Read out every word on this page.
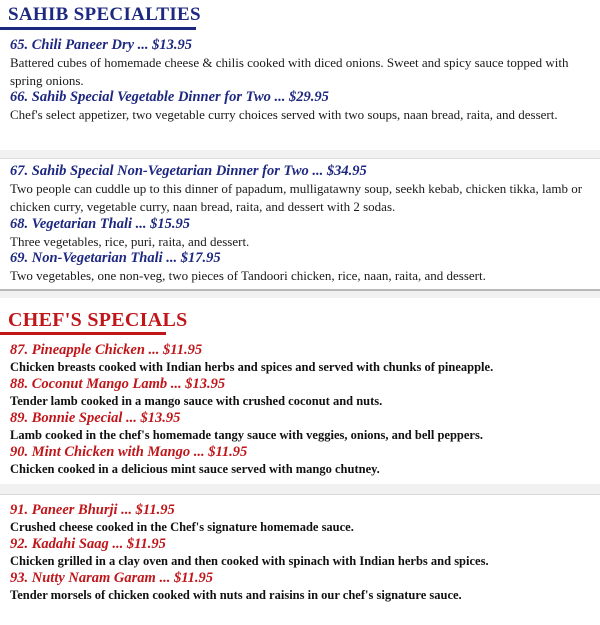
SAHIB SPECIALTIES
65. Chili Paneer Dry ... $13.95
Battered cubes of homemade cheese & chilis cooked with diced onions. Sweet and spicy sauce topped with spring onions.
66. Sahib Special Vegetable Dinner for Two ... $29.95
Chef's select appetizer, two vegetable curry choices served with two soups, naan bread, raita, and dessert.
67. Sahib Special Non-Vegetarian Dinner for Two ... $34.95
Two people can cuddle up to this dinner of papadum, mulligatawny soup, seekh kebab, chicken tikka, lamb or chicken curry, vegetable curry, naan bread, raita, and dessert with 2 sodas.
68. Vegetarian Thali ... $15.95
Three vegetables, rice, puri, raita, and dessert.
69. Non-Vegetarian Thali ... $17.95
Two vegetables, one non-veg, two pieces of Tandoori chicken, rice, naan, raita, and dessert.
CHEF'S SPECIALS
87. Pineapple Chicken ... $11.95
Chicken breasts cooked with Indian herbs and spices and served with chunks of pineapple.
88. Coconut Mango Lamb ... $13.95
Tender lamb cooked in a mango sauce with crushed coconut and nuts.
89. Bonnie Special ... $13.95
Lamb cooked in the chef's homemade tangy sauce with veggies, onions, and bell peppers.
90. Mint Chicken with Mango ... $11.95
Chicken cooked in a delicious mint sauce served with mango chutney.
91. Paneer Bhurji ... $11.95
Crushed cheese cooked in the Chef's signature homemade sauce.
92. Kadahi Saag ... $11.95
Chicken grilled in a clay oven and then cooked with spinach with Indian herbs and spices.
93. Nutty Naram Garam ... $11.95
Tender morsels of chicken cooked with nuts and raisins in our chef's signature sauce.
